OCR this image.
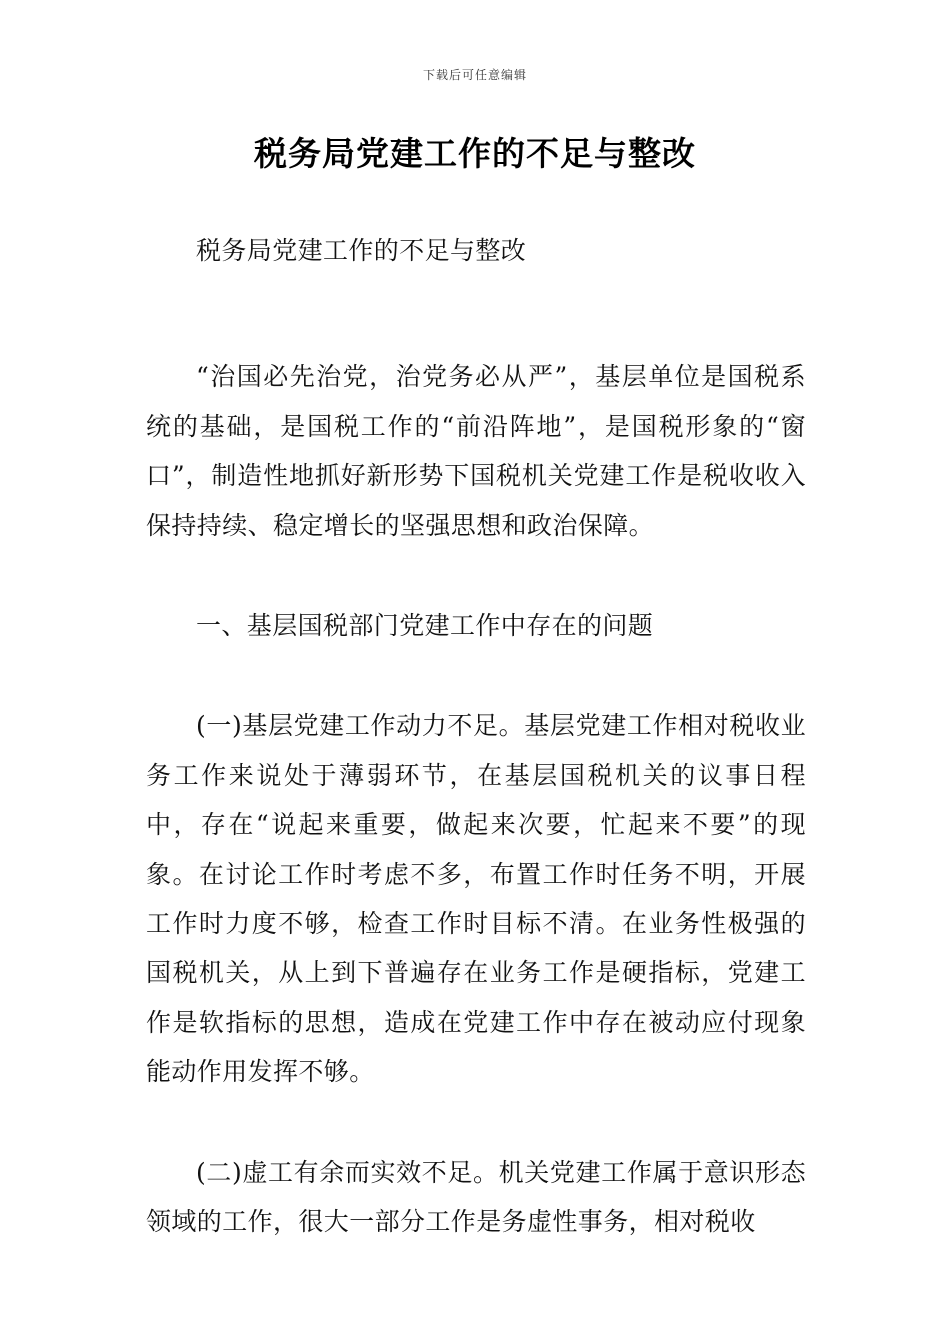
下载后可任意编辑
税务局党建工作的不足与整改

税务局党建工作的不足与整改

“治国必先治党，治党务必从严”，基层单位是国税系统的基础，是国税工作的“前沿阵地”，是国税形象的“窗口”，制造性地抓好新形势下国税机关党建工作是税收收入保持持续、稳定增长的坚强思想和政治保障。

一、基层国税部门党建工作中存在的问题

(一)基层党建工作动力不足。基层党建工作相对税收业务工作来说处于薄弱环节，在基层国税机关的议事日程中，存在“说起来重要，做起来次要，忙起来不要”的现象。在讨论工作时考虑不多，布置工作时任务不明，开展工作时力度不够，检查工作时目标不清。在业务性极强的国税机关，从上到下普遍存在业务工作是硬指标，党建工作是软指标的思想，造成在党建工作中存在被动应付现象能动作用发挥不够。

(二)虚工有余而实效不足。机关党建工作属于意识形态领域的工作，很大一部分工作是务虚性事务，相对税收
